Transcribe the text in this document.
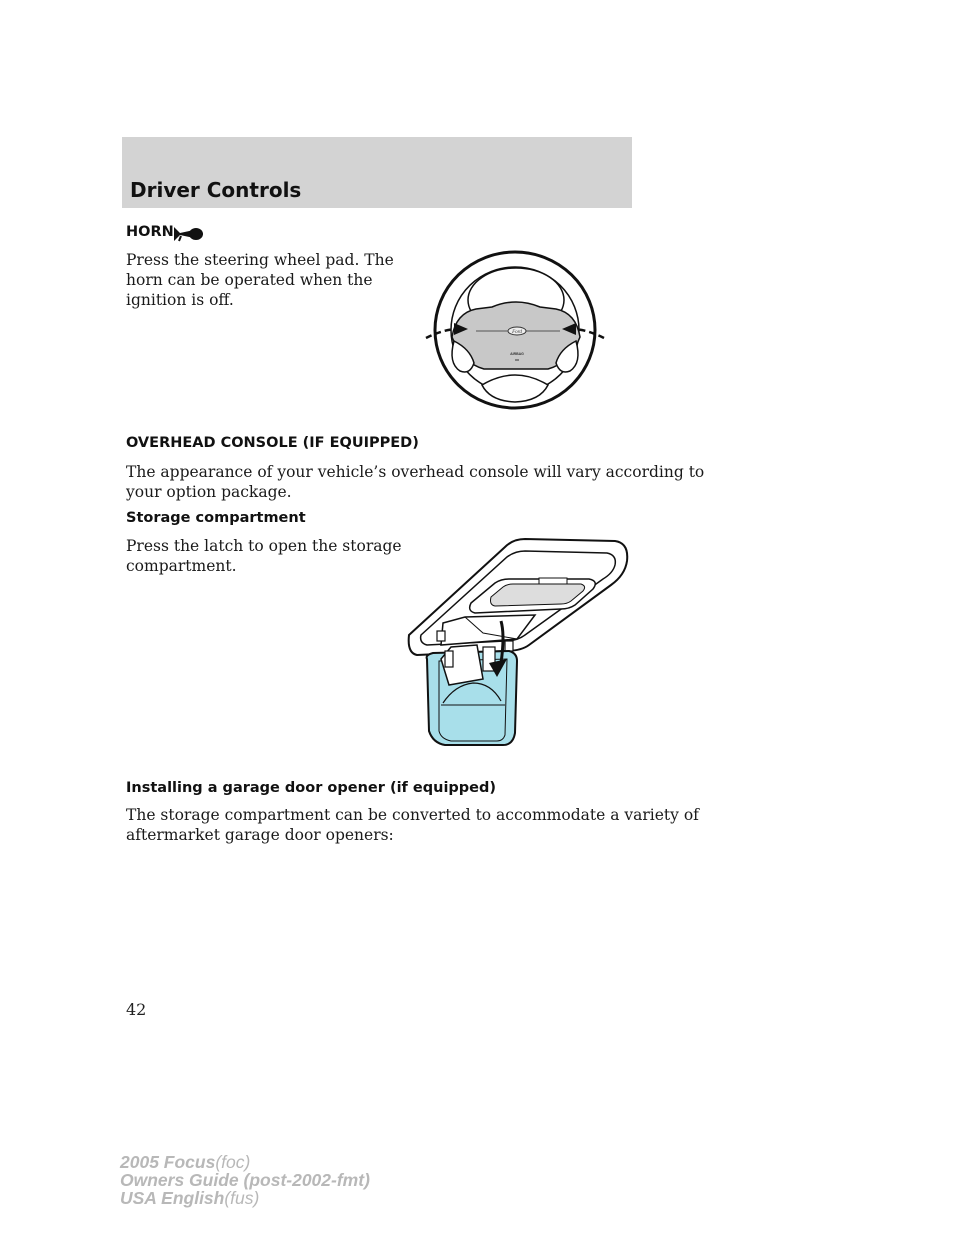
Driver Controls
HORN

Press the steering wheel pad. The

horn can be operated when the

ignition is off.

Ford
AIRBAG
OVERHEAD CONSOLE (IF EQUIPPED)

The appearance of your vehicle’s overhead console will vary according to

your option package.

Storage compartment

Press the latch to open the storage

compartment.

Installing a garage door opener (if equipped)

The storage compartment can be converted to accommodate a variety of

aftermarket garage door openers:

42

2005 Focus(foc)
Owners Guide (post-2002-fmt)
USA English(fus)
